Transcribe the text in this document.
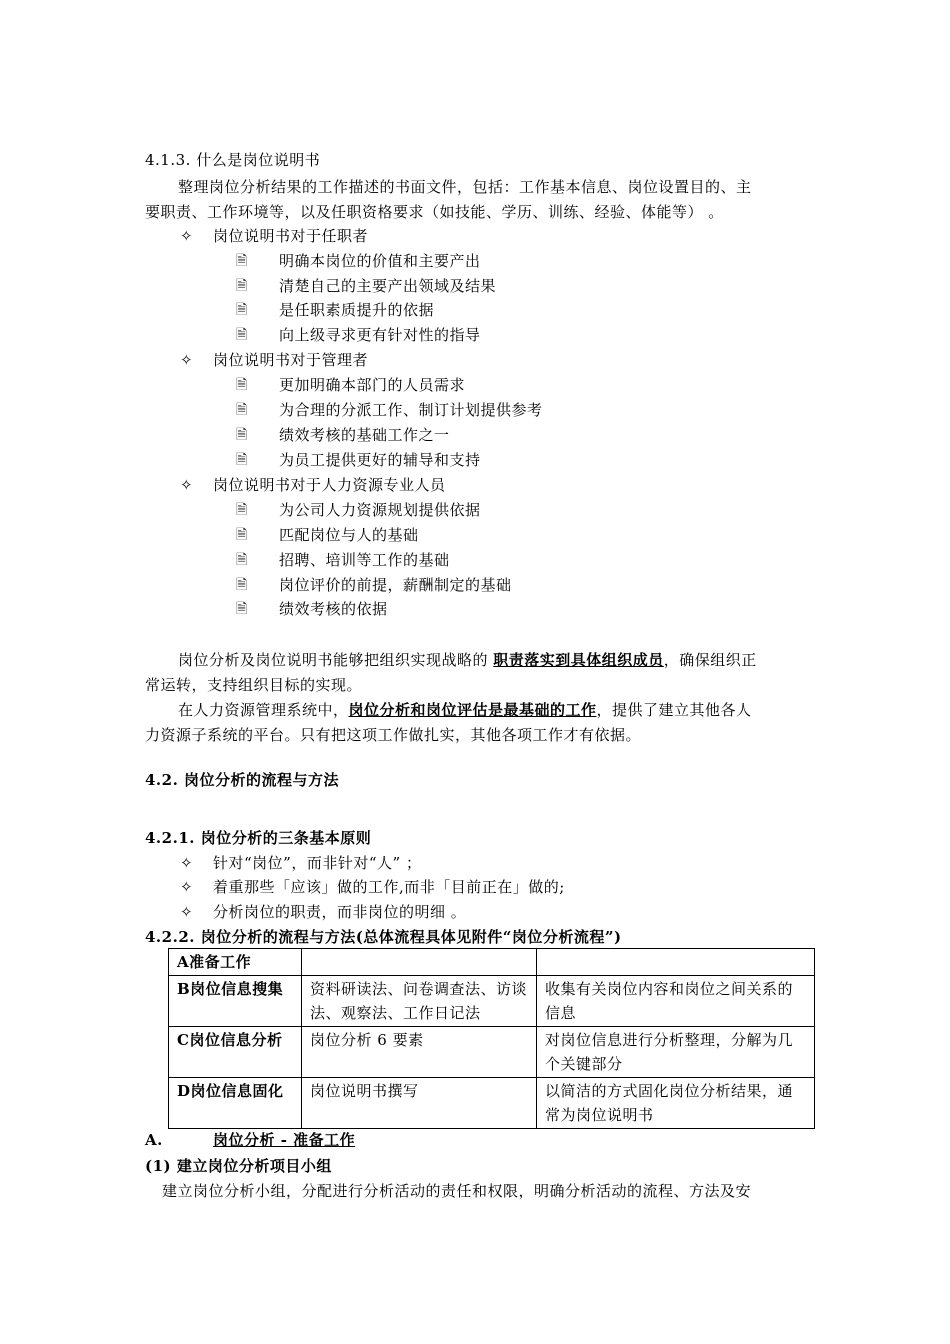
4.1.3. 什么是岗位说明书
整理岗位分析结果的工作描述的书面文件，包括：工作基本信息、岗位设置目的、主
要职责、工作环境等，以及任职资格要求（如技能、学历、训练、经验、体能等） 。
✧ 岗位说明书对于任职者
🗎 明确本岗位的价值和主要产出
🗎 清楚自己的主要产出领域及结果
🗎 是任职素质提升的依据
🗎 向上级寻求更有针对性的指导
✧ 岗位说明书对于管理者
🗎 更加明确本部门的人员需求
🗎 为合理的分派工作、制订计划提供参考
🗎 绩效考核的基础工作之一
🗎 为员工提供更好的辅导和支持
✧ 岗位说明书对于人力资源专业人员
🗎 为公司人力资源规划提供依据
🗎 匹配岗位与人的基础
🗎 招聘、培训等工作的基础
🗎 岗位评价的前提，薪酬制定的基础
🗎 绩效考核的依据
岗位分析及岗位说明书能够把组织实现战略的 职责落实到具体组织成员，确保组织正
常运转，支持组织目标的实现。
在人力资源管理系统中，岗位分析和岗位评估是最基础的工作，提供了建立其他各人
力资源子系统的平台。只有把这项工作做扎实，其他各项工作才有依据。
4.2. 岗位分析的流程与方法
4.2.1. 岗位分析的三条基本原则
✧ 针对“岗位”，而非针对“人” ；
✧ 着重那些「应该」做的工作,而非「目前正在」做的;
✧ 分析岗位的职责，而非岗位的明细 。
4.2.2. 岗位分析的流程与方法(总体流程具体见附件“岗位分析流程”)
A准备工作		
B岗位信息搜集	资料研读法、问卷调查法、访谈法、观察法、工作日记法	收集有关岗位内容和岗位之间关系的信息
C岗位信息分析	岗位分析 6 要素	对岗位信息进行分析整理，分解为几个关键部分
D岗位信息固化	岗位说明书撰写	以简洁的方式固化岗位分析结果，通常为岗位说明书
A.	岗位分析 - 准备工作
(1) 建立岗位分析项目小组
建立岗位分析小组，分配进行分析活动的责任和权限，明确分析活动的流程、方法及安
